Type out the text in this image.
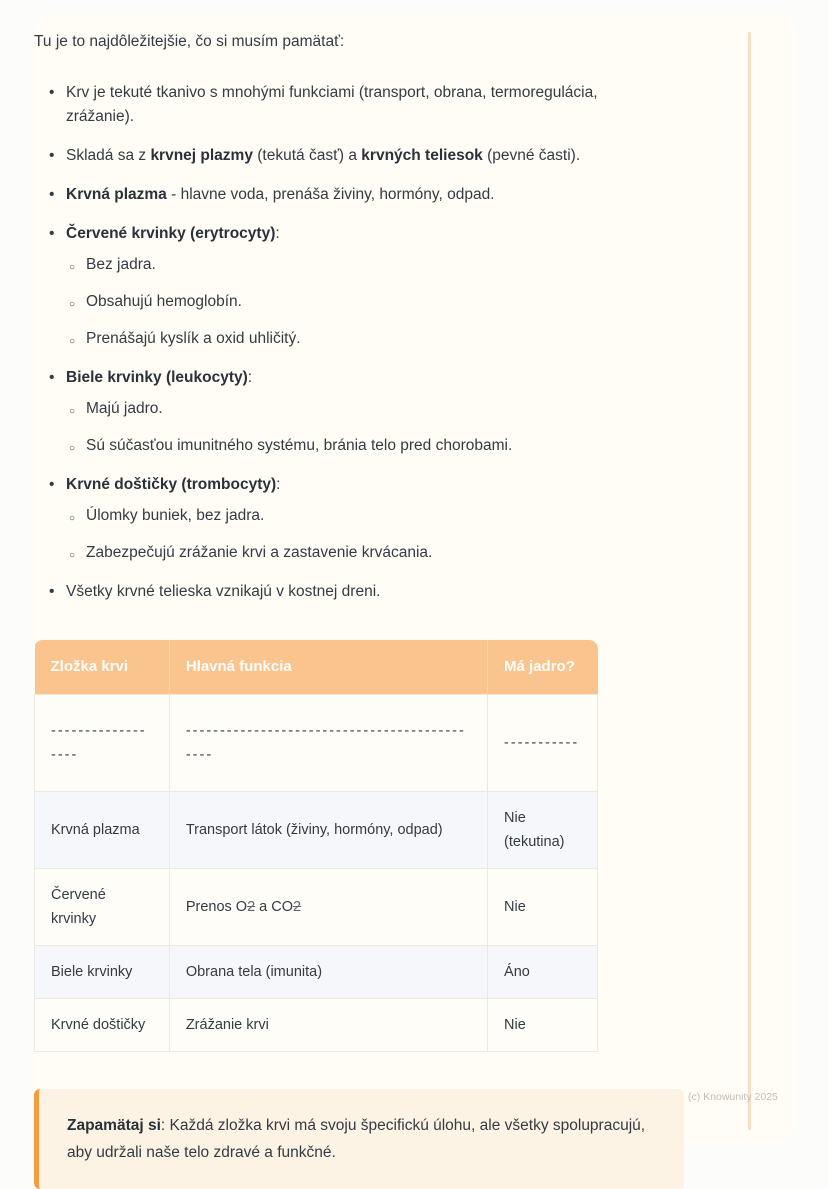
Tu je to najdôležitejšie, čo si musím pamätať:

• Krv je tekuté tkanivo s mnohými funkciami (transport, obrana, termoregulácia, zrážanie).
• Skladá sa z krvnej plazmy (tekutá časť) a krvných teliesok (pevné časti).
• Krvná plazma - hlavne voda, prenáša živiny, hormóny, odpad.
• Červené krvinky (erytrocyty):
○ Bez jadra.
○ Obsahujú hemoglobín.
○ Prenášajú kyslík a oxid uhličitý.
• Biele krvinky (leukocyty):
○ Majú jadro.
○ Sú súčasťou imunitného systému, bránia telo pred chorobami.
• Krvné doštičky (trombocyty):
○ Úlomky buniek, bez jadra.
○ Zabezpečujú zrážanie krvi a zastavenie krvácania.
• Všetky krvné telieska vznikajú v kostnej dreni.
Zložka krvi	Hlavná funkcia	Má jadro?
------------------	---------------------------------------------	-----------
Krvná plazma	Transport látok (živiny, hormóny, odpad)	Nie (tekutina)
Červené krvinky	Prenos O2 a CO2	Nie
Biele krvinky	Obrana tela (imunita)	Áno
Krvné doštičky	Zrážanie krvi	Nie
Zapamätaj si: Každá zložka krvi má svoju špecifickú úlohu, ale všetky spolupracujú, aby udržali naše telo zdravé a funkčné.
(c) Knowunity 2025
